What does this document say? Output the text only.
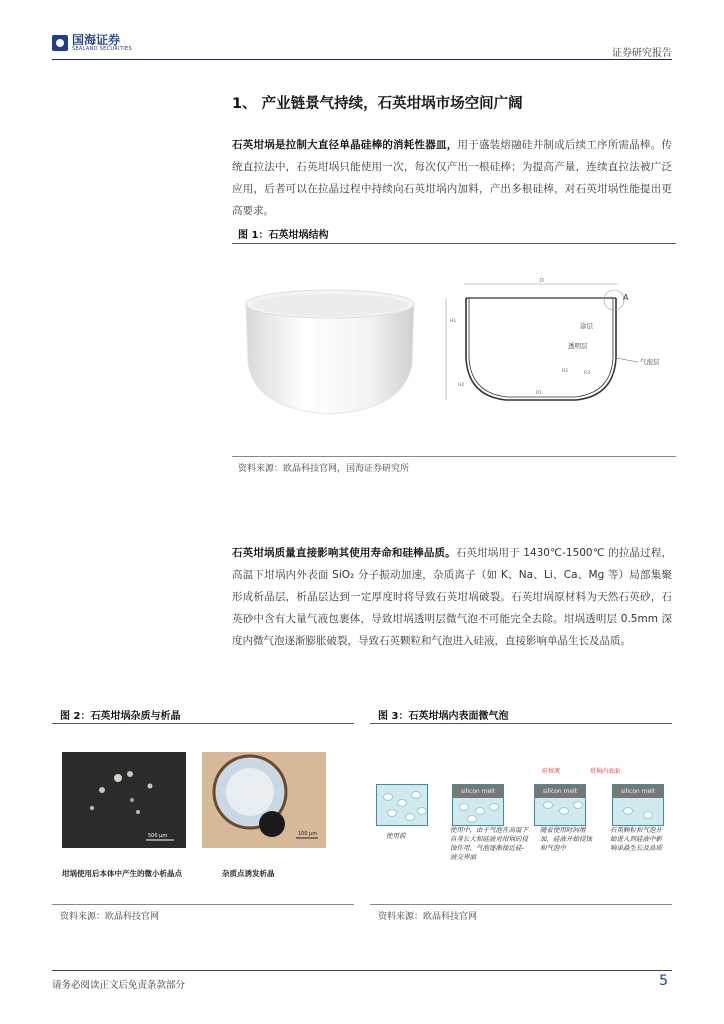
国海证券
SEALAND SECURITIES	证券研究报告
1、 产业链景气持续，石英坩埚市场空间广阔
石英坩埚是拉制大直径单晶硅棒的消耗性器皿，用于盛装熔融硅并制成后续工序所需晶棒。传统直拉法中，石英坩埚只能使用一次，每次仅产出一根硅棒；为提高产量，连续直拉法被广泛应用，后者可以在拉晶过程中持续向石英坩埚内加料，产出多根硅棒，对石英坩埚性能提出更高要求。
图 1：石英坩埚结构
D
H1
H2
R1
R2	R3
A
涂层
透明层
气泡层
资料来源：欧晶科技官网，国海证券研究所
石英坩埚质量直接影响其使用寿命和硅棒品质。石英坩埚用于 1430℃-1500℃ 的拉晶过程，高温下坩埚内外表面 SiO₂ 分子振动加速，杂质离子（如 K、Na、Li、Ca、Mg 等）局部集聚形成析晶层，析晶层达到一定厚度时将导致石英坩埚破裂。石英坩埚原材料为天然石英砂，石英砂中含有大量气液包裹体，导致坩埚透明层微气泡不可能完全去除。坩埚透明层 0.5mm 深度内微气泡逐渐膨胀破裂，导致石英颗粒和气泡进入硅液，直接影响单晶生长及品质。
图 2：石英坩埚杂质与析晶
500 μm	100 μm
坩埚使用后本体中产生的微小析晶点	杂质点诱发析晶
资料来源：欧晶科技官网
图 3：石英坩埚内表面微气泡
硅熔液	坩埚内表面
silicon melt	silicon melt	silicon melt
使用前
使用中，由于气泡在高温下自身长大和硅液对坩埚的侵蚀作用，气泡逐渐接近硅-液交界面
随着使用时间增加，硅液开始侵蚀和气泡中
石英颗粒和气泡开始进入到硅液中影响单晶生长及品质
资料来源：欧晶科技官网
请务必阅读正文后免责条款部分	5
